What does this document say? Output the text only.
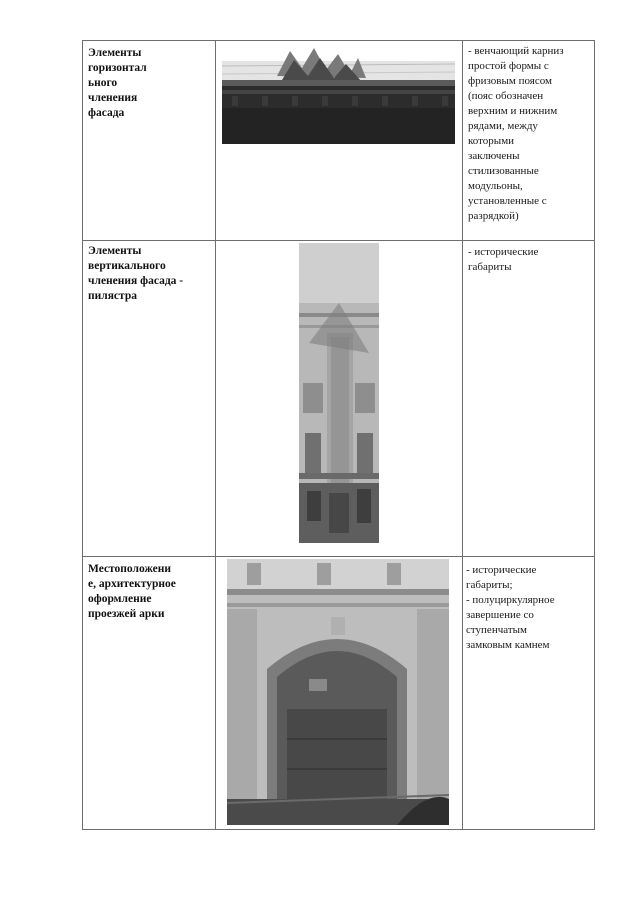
Элементы
горизонтал
ьного
членения
фасада
- венчающий карниз
простой формы с
фризовым поясом
(пояс обозначен
верхним и нижним
рядами, между
которыми
заключены
стилизованные
модульоны,
установленные с
разрядкой)
Элементы
вертикального
членения фасада -
пилястра
- исторические
габариты
Местоположени
е, архитектурное
оформление
проезжей арки
- исторические
габариты;
- полуциркулярное
завершение со
ступенчатым
замковым камнем
